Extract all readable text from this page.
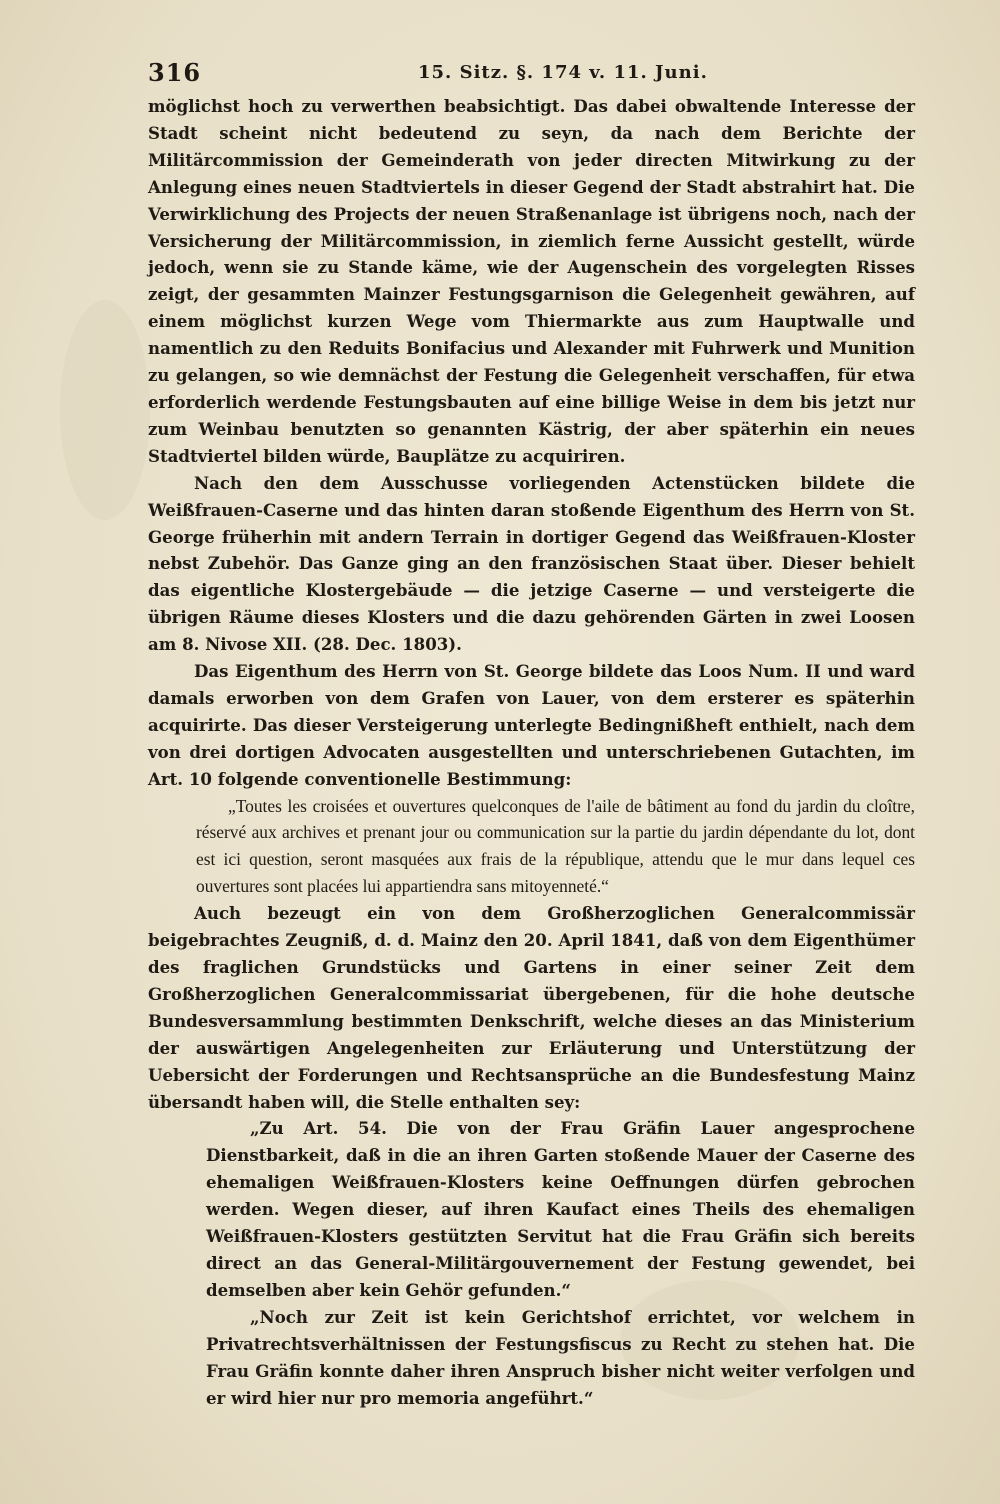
316	15. Sitz. §. 174 v. 11. Juni.

möglichst hoch zu verwerthen beabsichtigt. Das dabei obwaltende Interesse der Stadt scheint nicht bedeutend zu seyn, da nach dem Berichte der Militärcommission der Gemeinderath von jeder directen Mitwirkung zu der Anlegung eines neuen Stadtviertels in dieser Gegend der Stadt abstrahirt hat. Die Verwirklichung des Projects der neuen Straßenanlage ist übrigens noch, nach der Versicherung der Militärcommission, in ziemlich ferne Aussicht gestellt, würde jedoch, wenn sie zu Stande käme, wie der Augenschein des vorgelegten Risses zeigt, der gesammten Mainzer Festungsgarnison die Gelegenheit gewähren, auf einem möglichst kurzen Wege vom Thiermarkte aus zum Hauptwalle und namentlich zu den Reduits Bonifacius und Alexander mit Fuhrwerk und Munition zu gelangen, so wie demnächst der Festung die Gelegenheit verschaffen, für etwa erforderlich werdende Festungsbauten auf eine billige Weise in dem bis jetzt nur zum Weinbau benutzten so genannten Kästrig, der aber späterhin ein neues Stadtviertel bilden würde, Bauplätze zu acquiriren.

Nach den dem Ausschusse vorliegenden Actenstücken bildete die Weißfrauen-Caserne und das hinten daran stoßende Eigenthum des Herrn von St. George früherhin mit andern Terrain in dortiger Gegend das Weißfrauen-Kloster nebst Zubehör. Das Ganze ging an den französischen Staat über. Dieser behielt das eigentliche Klostergebäude — die jetzige Caserne — und versteigerte die übrigen Räume dieses Klosters und die dazu gehörenden Gärten in zwei Loosen am 8. Nivose XII. (28. Dec. 1803).

Das Eigenthum des Herrn von St. George bildete das Loos Num. II und ward damals erworben von dem Grafen von Lauer, von dem ersterer es späterhin acquirirte. Das dieser Versteigerung unterlegte Bedingnißheft enthielt, nach dem von drei dortigen Advocaten ausgestellten und unterschriebenen Gutachten, im Art. 10 folgende conventionelle Bestimmung:

„Toutes les croisées et ouvertures quelconques de l'aile de bâtiment au fond du jardin du cloître, réservé aux archives et prenant jour ou communication sur la partie du jardin dépendante du lot, dont est ici question, seront masquées aux frais de la république, attendu que le mur dans lequel ces ouvertures sont placées lui appartiendra sans mitoyenneté.“

Auch bezeugt ein von dem Großherzoglichen Generalcommissär beigebrachtes Zeugniß, d. d. Mainz den 20. April 1841, daß von dem Eigenthümer des fraglichen Grundstücks und Gartens in einer seiner Zeit dem Großherzoglichen Generalcommissariat übergebenen, für die hohe deutsche Bundesversammlung bestimmten Denkschrift, welche dieses an das Ministerium der auswärtigen Angelegenheiten zur Erläuterung und Unterstützung der Uebersicht der Forderungen und Rechtsansprüche an die Bundesfestung Mainz übersandt haben will, die Stelle enthalten sey:

„Zu Art. 54. Die von der Frau Gräfin Lauer angesprochene Dienstbarkeit, daß in die an ihren Garten stoßende Mauer der Caserne des ehemaligen Weißfrauen-Klosters keine Oeffnungen dürfen gebrochen werden. Wegen dieser, auf ihren Kaufact eines Theils des ehemaligen Weißfrauen-Klosters gestützten Servitut hat die Frau Gräfin sich bereits direct an das General-Militärgouvernement der Festung gewendet, bei demselben aber kein Gehör gefunden.“

„Noch zur Zeit ist kein Gerichtshof errichtet, vor welchem in Privatrechtsverhältnissen der Festungsfiscus zu Recht zu stehen hat. Die Frau Gräfin konnte daher ihren Anspruch bisher nicht weiter verfolgen und er wird hier nur pro memoria angeführt.“
